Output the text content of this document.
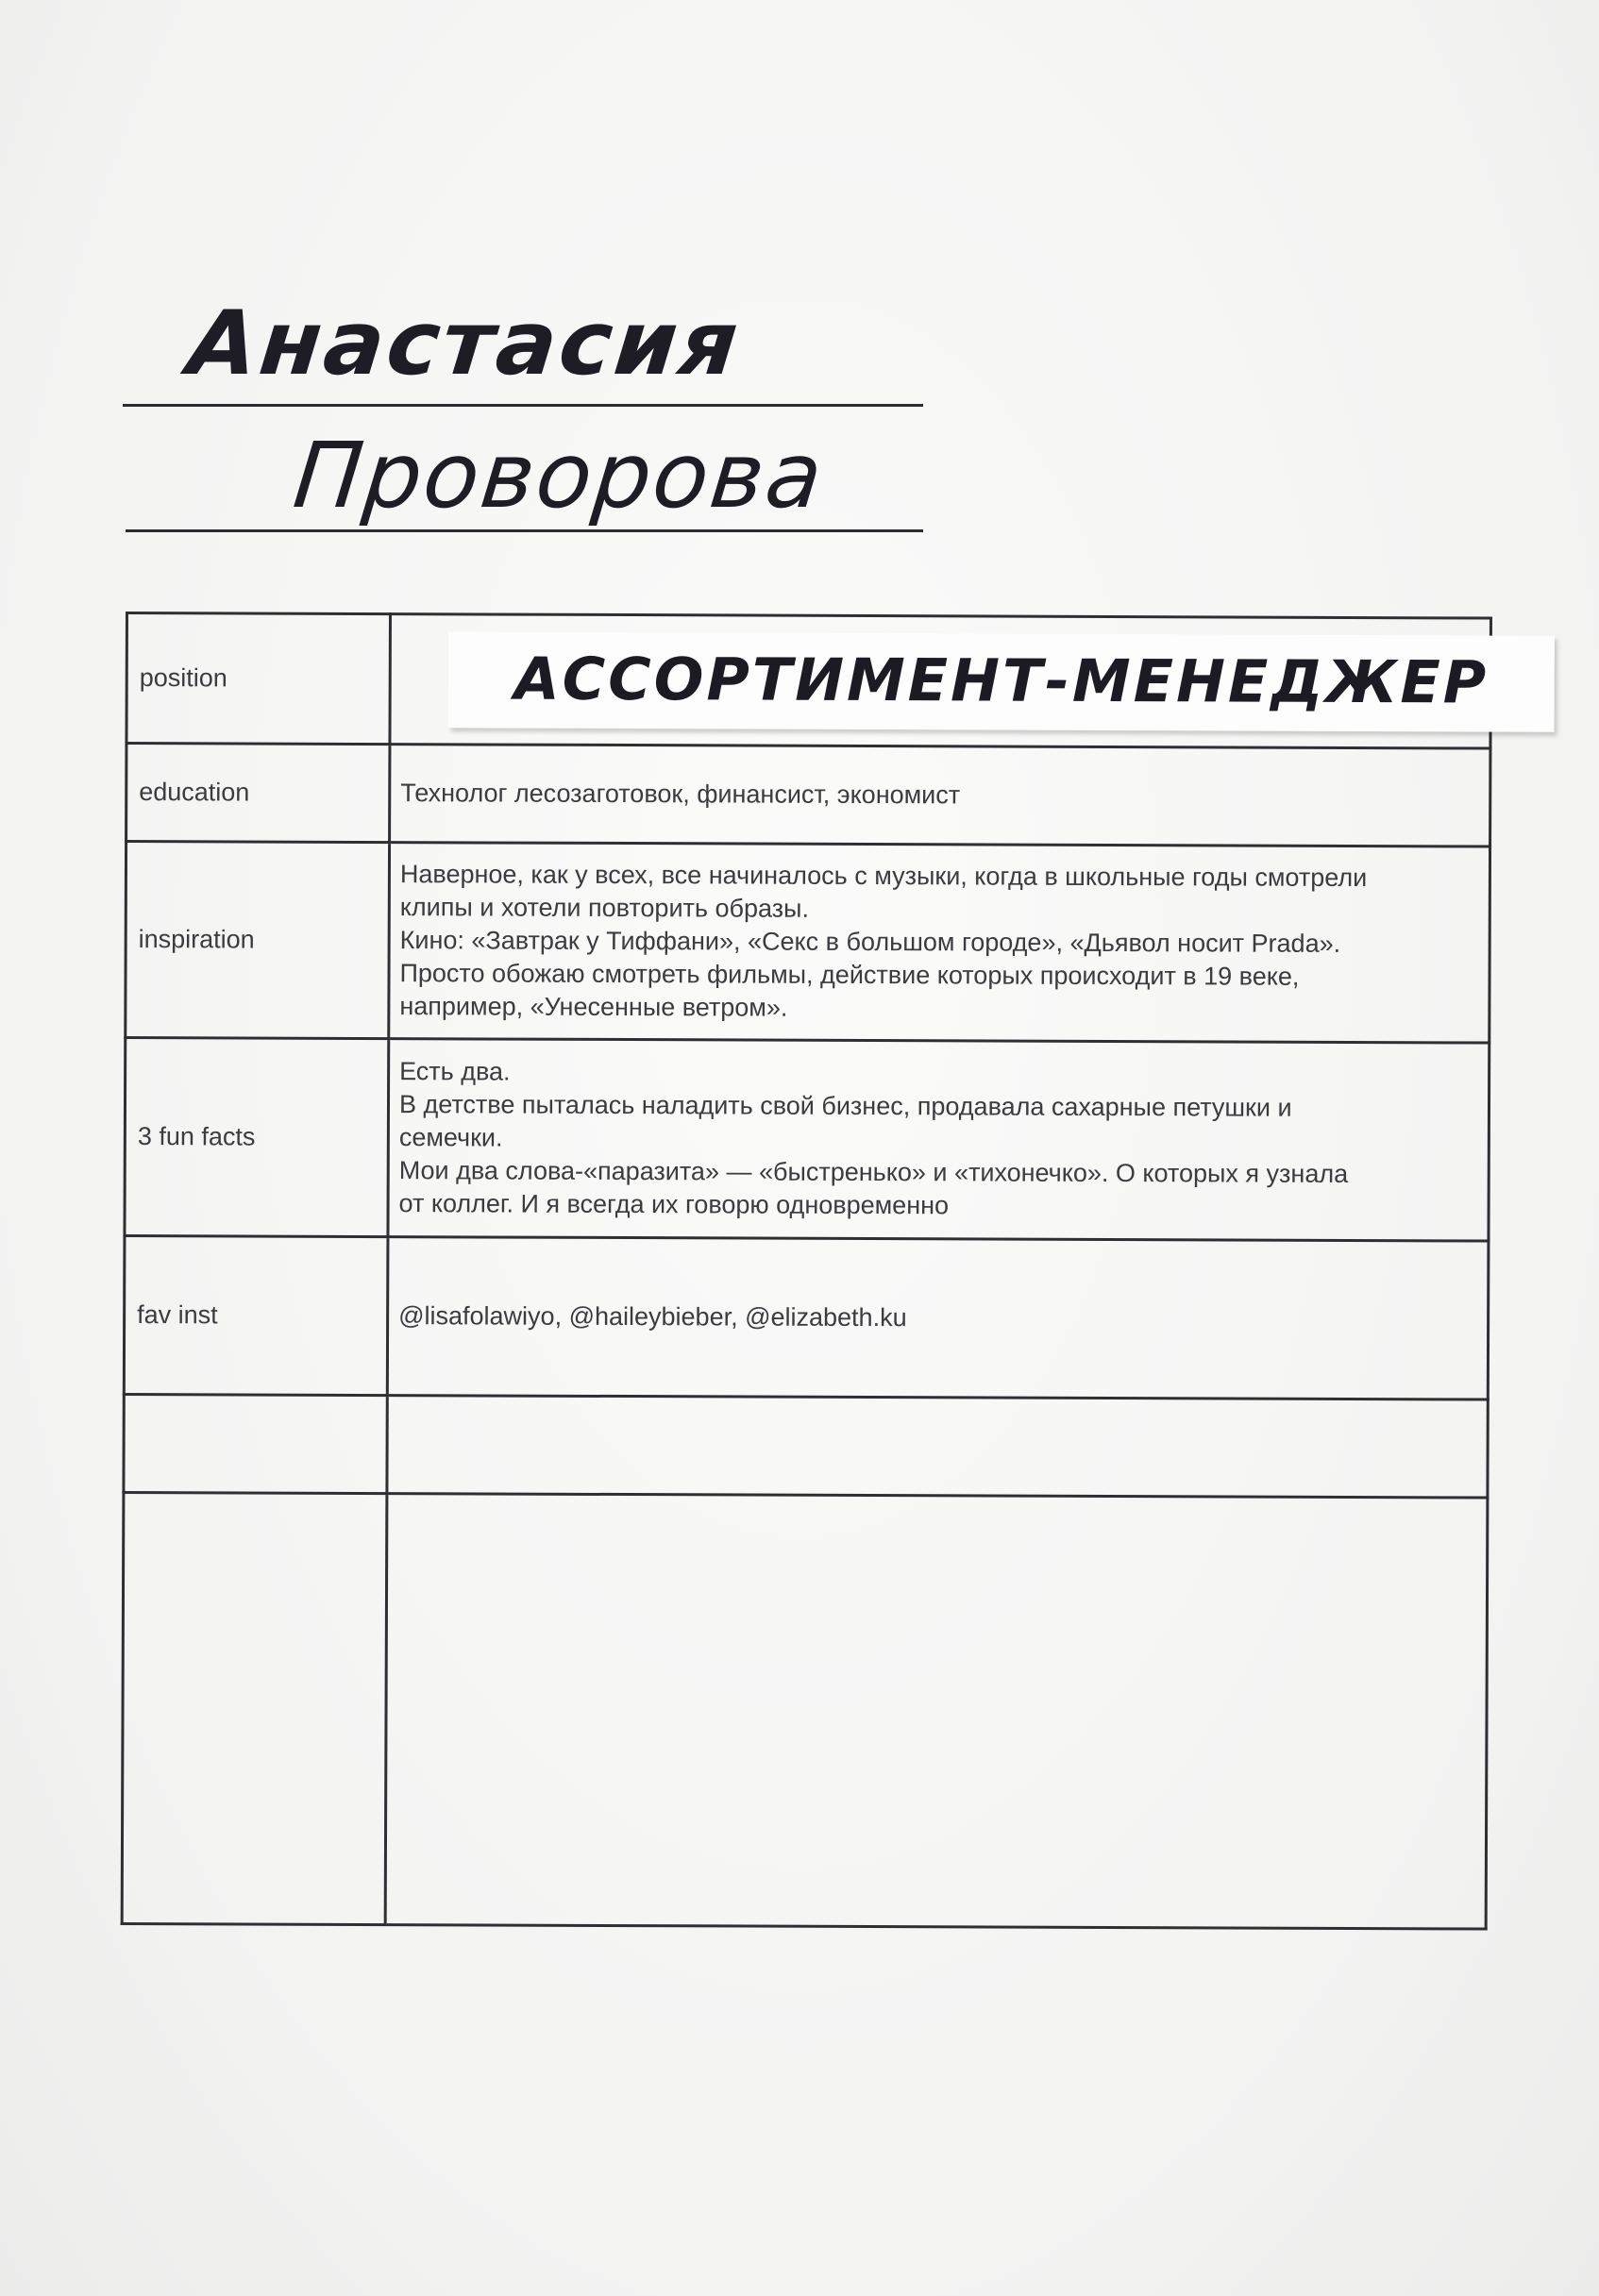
Анастасия
Проворова
position	АССОРТИМЕНТ-МЕНЕДЖЕР
education	Технолог лесозаготовок, финансист, экономист
inspiration	Наверное, как у всех, все начиналось с музыки, когда в школьные годы смотрели
клипы и хотели повторить образы.
Кино: «Завтрак у Тиффани», «Секс в большом городе», «Дьявол носит Prada».
Просто обожаю смотреть фильмы, действие которых происходит в 19 веке,
например, «Унесенные ветром».

3 fun facts	Есть два.
В детстве пыталась наладить свой бизнес, продавала сахарные петушки и
семечки.
Мои два слова-«паразита» — «быстренько» и «тихонечко». О которых я узнала
от коллег. И я всегда их говорю одновременно

fav inst	@lisafolawiyo, @haileybieber, @elizabeth.ku
